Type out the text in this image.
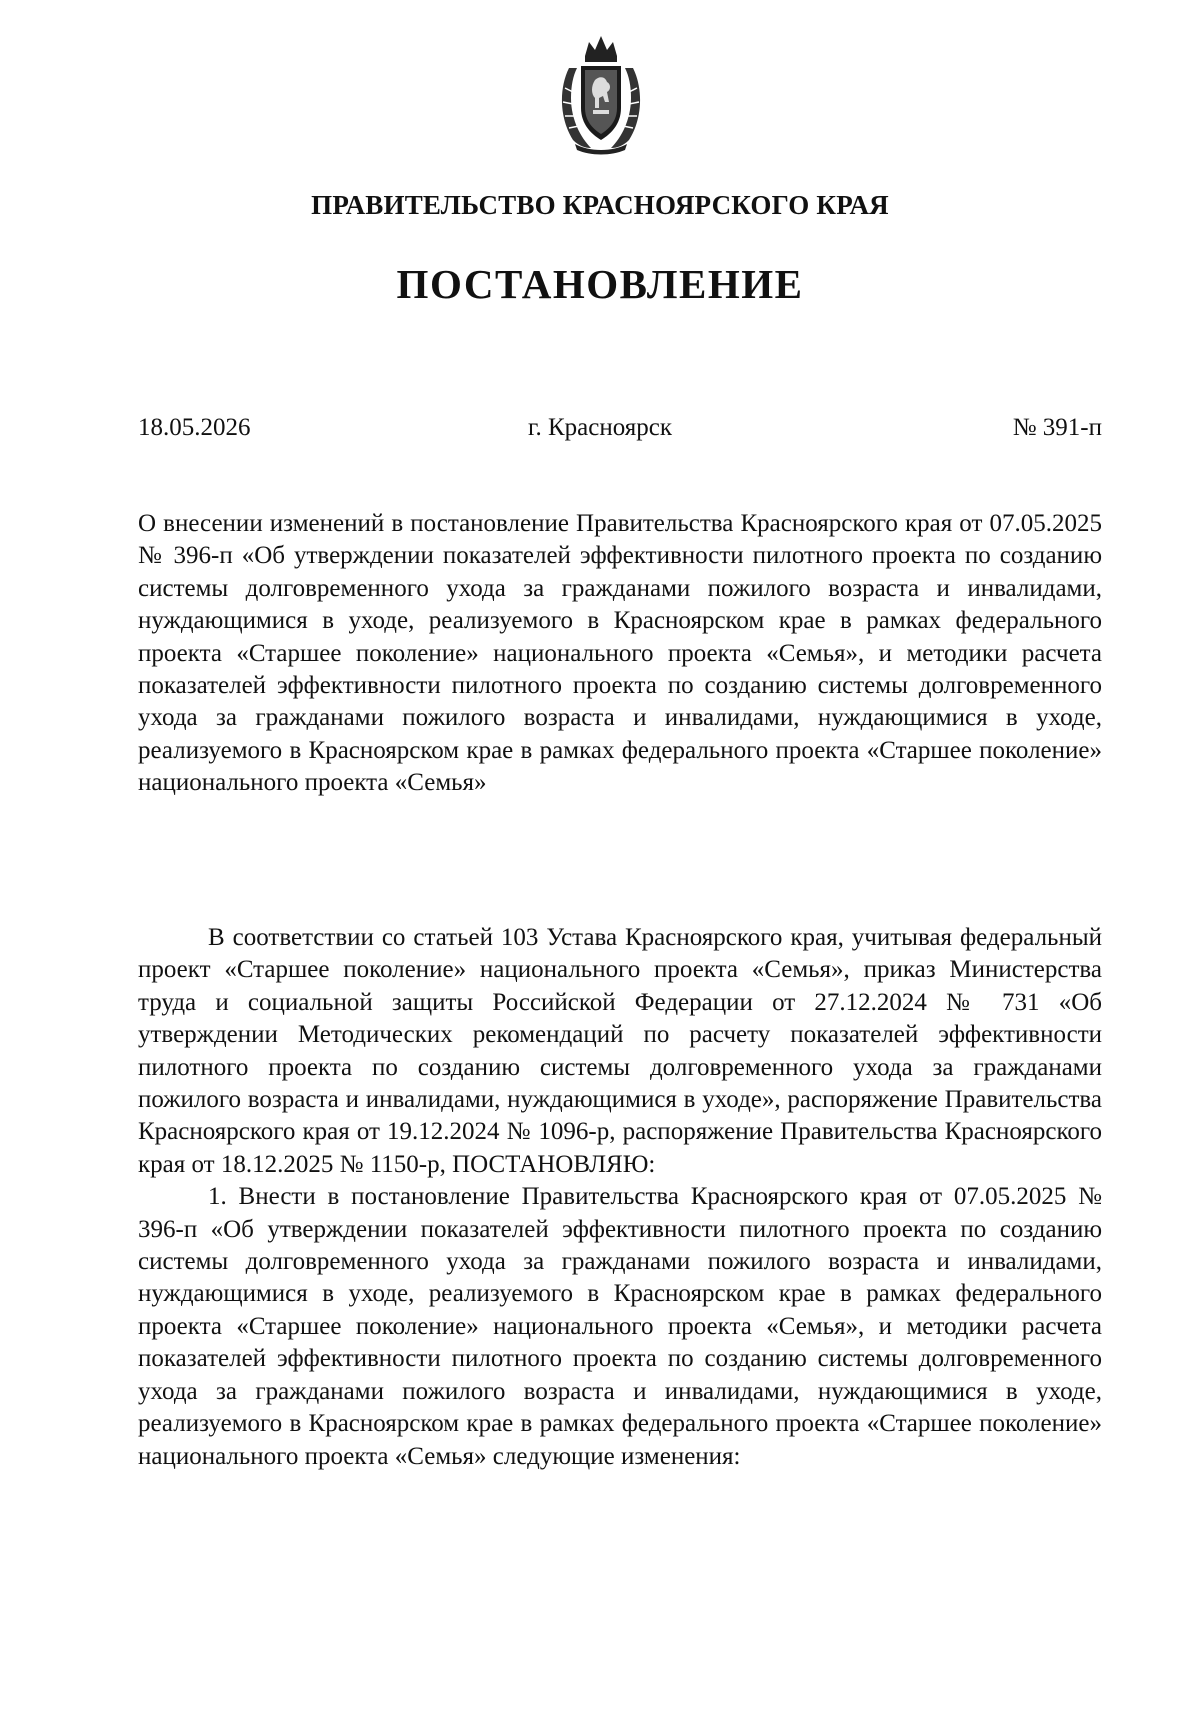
ПРАВИТЕЛЬСТВО КРАСНОЯРСКОГО КРАЯ
ПОСТАНОВЛЕНИЕ
18.05.2026	г. Красноярск	№ 391-п
О внесении изменений в постановление Правительства Красноярского края от 07.05.2025 № 396-п «Об утверждении показателей эффективности пилотного проекта по созданию системы долговременного ухода за гражданами пожилого возраста и инвалидами, нуждающимися в уходе, реализуемого в Красноярском крае в рамках федерального проекта «Старшее поколение» национального проекта «Семья», и методики расчета показателей эффективности пилотного проекта по созданию системы долговременного ухода за гражданами пожилого возраста и инвалидами, нуждающимися в уходе, реализуемого в Красноярском крае в рамках федерального проекта «Старшее поколение» национального проекта «Семья»

В соответствии со статьей 103 Устава Красноярского края, учитывая федеральный проект «Старшее поколение» национального проекта «Семья», приказ Министерства труда и социальной защиты Российской Федерации от 27.12.2024 № 731 «Об утверждении Методических рекомендаций по расчету показателей эффективности пилотного проекта по созданию системы долговременного ухода за гражданами пожилого возраста и инвалидами, нуждающимися в уходе», распоряжение Правительства Красноярского края от 19.12.2024 № 1096-р, распоряжение Правительства Красноярского края от 18.12.2025 № 1150-р, ПОСТАНОВЛЯЮ:

1. Внести в постановление Правительства Красноярского края от 07.05.2025 № 396-п «Об утверждении показателей эффективности пилотного проекта по созданию системы долговременного ухода за гражданами пожилого возраста и инвалидами, нуждающимися в уходе, реализуемого в Красноярском крае в рамках федерального проекта «Старшее поколение» национального проекта «Семья», и методики расчета показателей эффективности пилотного проекта по созданию системы долговременного ухода за гражданами пожилого возраста и инвалидами, нуждающимися в уходе, реализуемого в Красноярском крае в рамках федерального проекта «Старшее поколение» национального проекта «Семья» следующие изменения:
